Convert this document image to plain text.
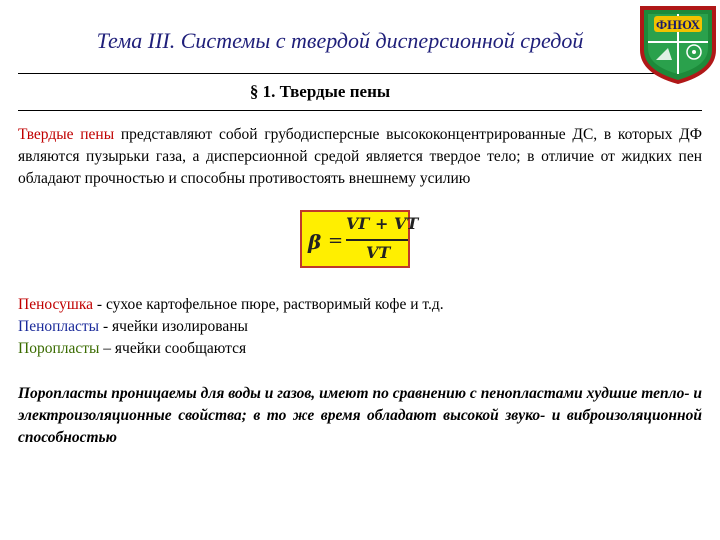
Тема III. Системы с твердой дисперсионной средой
§ 1. Твердые пены
ФНЮХ

Твердые пены представляют собой грубодисперсные высококонцентрированные ДС, в которых ДФ являются пузырьки газа, а дисперсионной средой является твердое тело; в отличие от жидких пен обладают прочностью и способны противостоять внешнему усилию

β =
VГ + VТ
VТ
Пеносушка - сухое картофельное пюре, растворимый кофе и т.д.
Пенопласты - ячейки изолированы
Поропласты – ячейки сообщаются

Поропласты проницаемы для воды и газов, имеют по сравнению с пенопластами худшие тепло- и электроизоляционные свойства; в то же время обладают высокой звуко- и виброизоляционной способностью
